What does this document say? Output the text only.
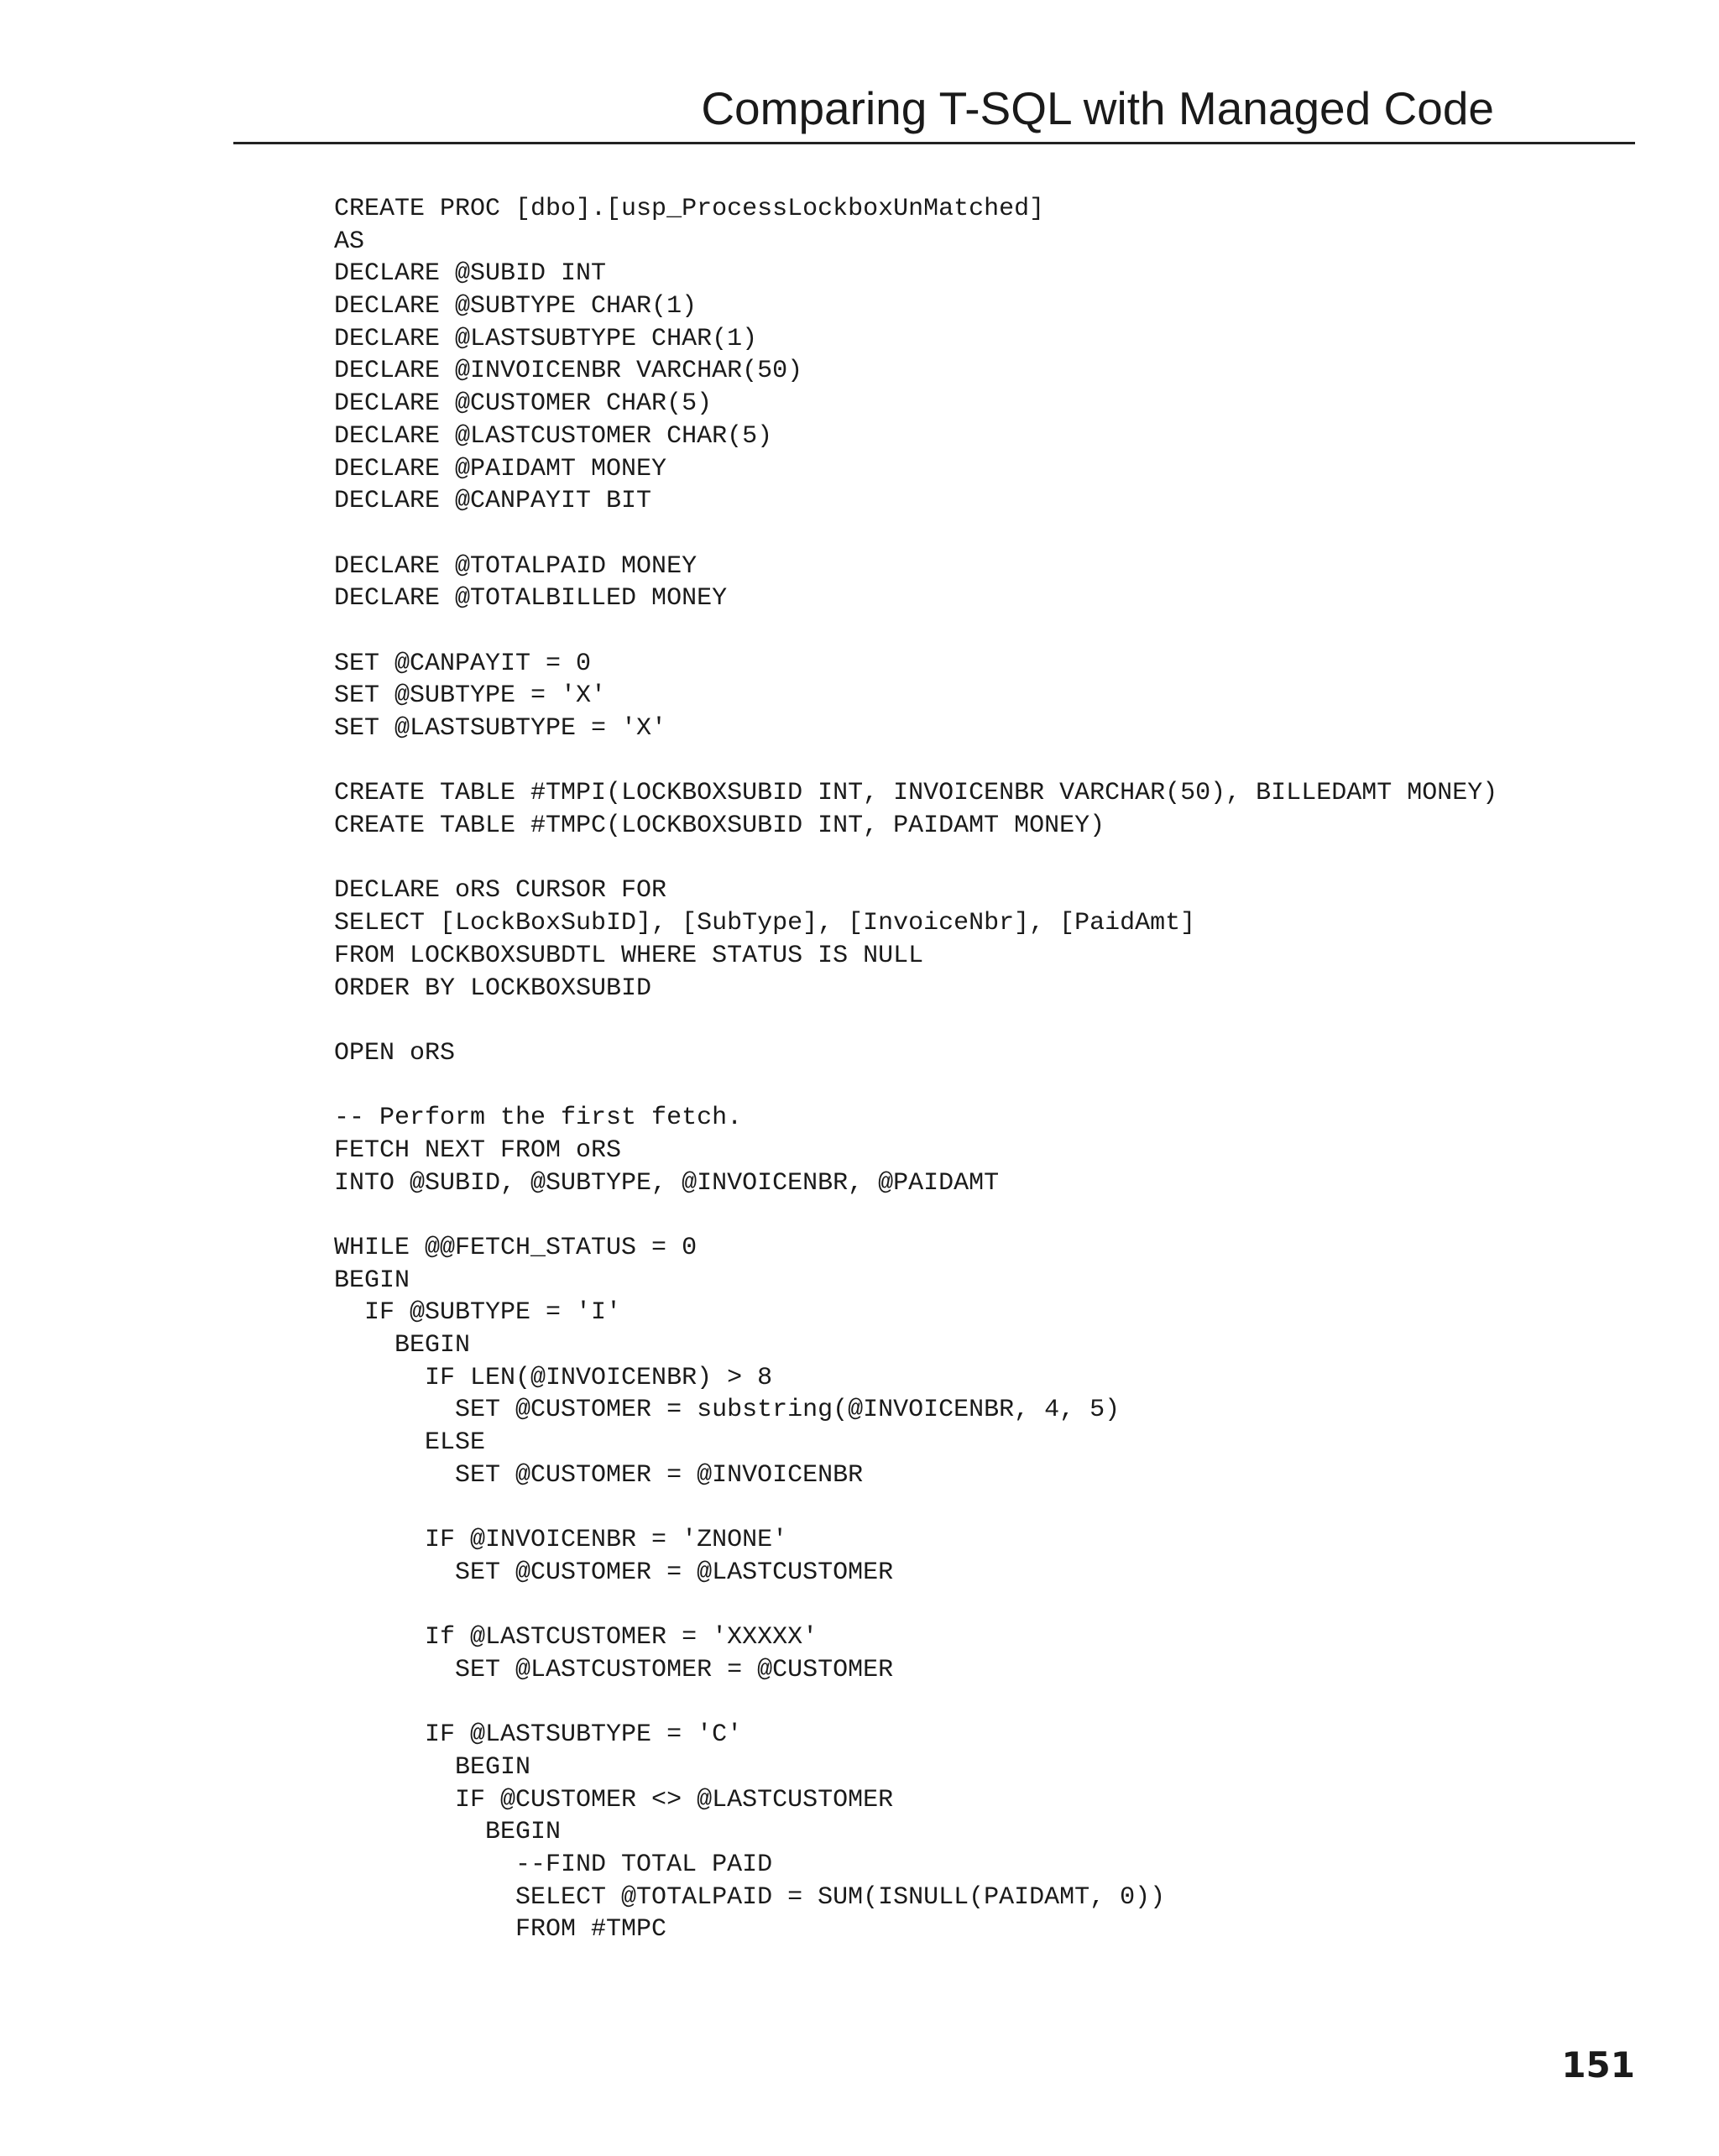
Comparing T-SQL with Managed Code
CREATE PROC [dbo].[usp_ProcessLockboxUnMatched]
AS
DECLARE @SUBID INT
DECLARE @SUBTYPE CHAR(1)
DECLARE @LASTSUBTYPE CHAR(1)
DECLARE @INVOICENBR VARCHAR(50)
DECLARE @CUSTOMER CHAR(5)
DECLARE @LASTCUSTOMER CHAR(5)
DECLARE @PAIDAMT MONEY
DECLARE @CANPAYIT BIT
DECLARE @TOTALPAID MONEY
DECLARE @TOTALBILLED MONEY
SET @CANPAYIT = 0
SET @SUBTYPE = 'X'
SET @LASTSUBTYPE = 'X'
CREATE TABLE #TMPI(LOCKBOXSUBID INT, INVOICENBR VARCHAR(50), BILLEDAMT MONEY)
CREATE TABLE #TMPC(LOCKBOXSUBID INT, PAIDAMT MONEY)
DECLARE oRS CURSOR FOR
SELECT [LockBoxSubID], [SubType], [InvoiceNbr], [PaidAmt]
FROM LOCKBOXSUBDTL WHERE STATUS IS NULL
ORDER BY LOCKBOXSUBID
OPEN oRS
-- Perform the first fetch.
FETCH NEXT FROM oRS
INTO @SUBID, @SUBTYPE, @INVOICENBR, @PAIDAMT
WHILE @@FETCH_STATUS = 0
BEGIN
IF @SUBTYPE = 'I'
BEGIN
IF LEN(@INVOICENBR) > 8
SET @CUSTOMER = substring(@INVOICENBR, 4, 5)
ELSE
SET @CUSTOMER = @INVOICENBR
IF @INVOICENBR = 'ZNONE'
SET @CUSTOMER = @LASTCUSTOMER
If @LASTCUSTOMER = 'XXXXX'
SET @LASTCUSTOMER = @CUSTOMER
IF @LASTSUBTYPE = 'C'
BEGIN
IF @CUSTOMER <> @LASTCUSTOMER
BEGIN
--FIND TOTAL PAID
SELECT @TOTALPAID = SUM(ISNULL(PAIDAMT, 0))
FROM #TMPC
151
